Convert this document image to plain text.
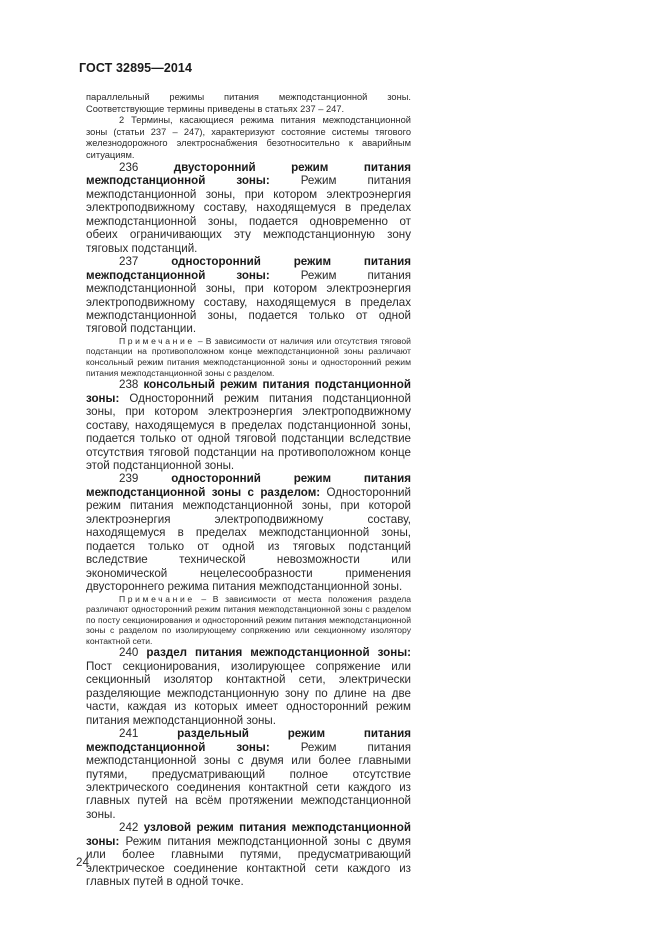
ГОСТ 32895—2014

параллельный режимы питания межподстанционной зоны. Соответствующие термины приведены в статьях 237 – 247.

2 Термины, касающиеся режима питания межподстанционной зоны (статьи 237 – 247), характеризуют состояние системы тягового железнодорожного электроснабжения безотносительно к аварийным ситуациям.

236	двусторонний режим питания межподстанционной зоны: Режим питания межподстанционной зоны, при котором электроэнергия электроподвижному составу, находящемуся в пределах межподстанционной зоны, подается одновременно от обеих ограничивающих эту межподстанционную зону тяговых подстанций.

237	односторонний режим питания межподстанционной зоны: Режим питания межподстанционной зоны, при котором электроэнергия электроподвижному составу, находящемуся в пределах межподстанционной зоны, подается только от одной тяговой подстанции.

Примечание – В зависимости от наличия или отсутствия тяговой подстанции на противоположном конце межподстанционной зоны различают консольный режим питания межподстанционной зоны и односторонний режим питания межподстанционной зоны с разделом.

238 консольный режим питания подстанционной зоны: Односторонний режим питания подстанционной зоны, при котором электроэнергия электроподвижному составу, находящемуся в пределах подстанционной зоны, подается только от одной тяговой подстанции вследствие отсутствия тяговой подстанции на противоположном конце этой подстанционной зоны.

239	односторонний режим питания межподстанционной зоны с разделом: Односторонний режим питания межподстанционной зоны, при которой электроэнергия электроподвижному составу, находящемуся в пределах межподстанционной зоны, подается только от одной из тяговых подстанций вследствие технической невозможности или экономической нецелесообразности применения двустороннего режима питания межподстанционной зоны.

Примечание – В зависимости от места положения раздела различают односторонний режим питания межподстанционной зоны с разделом по посту секционирования и односторонний режим питания межподстанционной зоны с разделом по изолирующему сопряжению или секционному изолятору контактной сети.

240 раздел питания межподстанционной зоны: Пост секционирования, изолирующее сопряжение или секционный изолятор контактной сети, электрически разделяющие межподстанционную зону по длине на две части, каждая из которых имеет односторонний режим питания межподстанционной зоны.

241	раздельный режим питания межподстанционной зоны: Режим питания межподстанционной зоны с двумя или более главными путями, предусматривающий полное отсутствие электрического соединения контактной сети каждого из главных путей на всём протяжении межподстанционной зоны.

242 узловой режим питания межподстанционной зоны: Режим питания межподстанционной зоны с двумя или более главными путями, предусматривающий электрическое соединение контактной сети каждого из главных путей в одной точке.

24
